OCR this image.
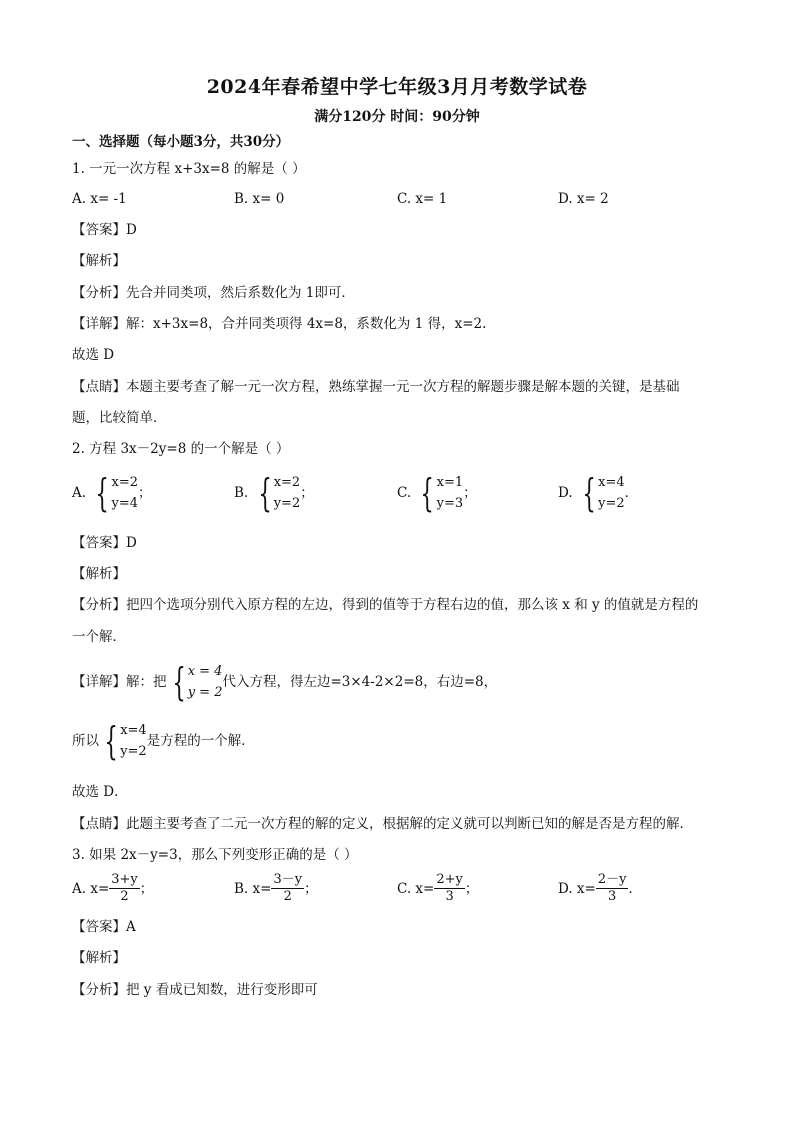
2024年春希望中学七年级3月月考数学试卷
满分120分 时间：90分钟
一、选择题（每小题3分，共30分）
1. 一元一次方程 x+3x=8 的解是（ ）
A. x= -1	B. x= 0	C. x= 1	D. x= 2
【答案】D
【解析】
【分析】先合并同类项，然后系数化为 1即可．
【详解】解：x+3x=8，合并同类项得 4x=8，系数化为 1 得，x=2.
故选 D
【点睛】本题主要考查了解一元一次方程，熟练掌握一元一次方程的解题步骤是解本题的关键，是基础
题，比较简单．
2. 方程 3x－2y=8 的一个解是（ ）
A. { x=2
y=4
；	B. { x=2
y=2
；	C. { x=1
y=3
；	D. { x=4
y=2
．
【答案】D
【解析】
【分析】把四个选项分别代入原方程的左边，得到的值等于方程右边的值，那么该 x 和 y 的值就是方程的
一个解．
【详解】解：把 { x = 4
y = 2
代入方程，得左边=3×4-2×2=8，右边=8，
所以 { x=4
y=2
是方程的一个解．
故选 D．
【点睛】此题主要考查了二元一次方程的解的定义，根据解的定义就可以判断已知的解是否是方程的解．
3. 如果 2x－y=3，那么下列变形正确的是（ ）
A. $x= \frac{3+y}{2}$ ；	B. $x= \frac{3-y}{2}$ ；	C. $x= \frac{2+y}{3}$ ；	D. $x= \frac{2-y}{3}$ ．
【答案】A
【解析】
【分析】把 y 看成已知数，进行变形即可
